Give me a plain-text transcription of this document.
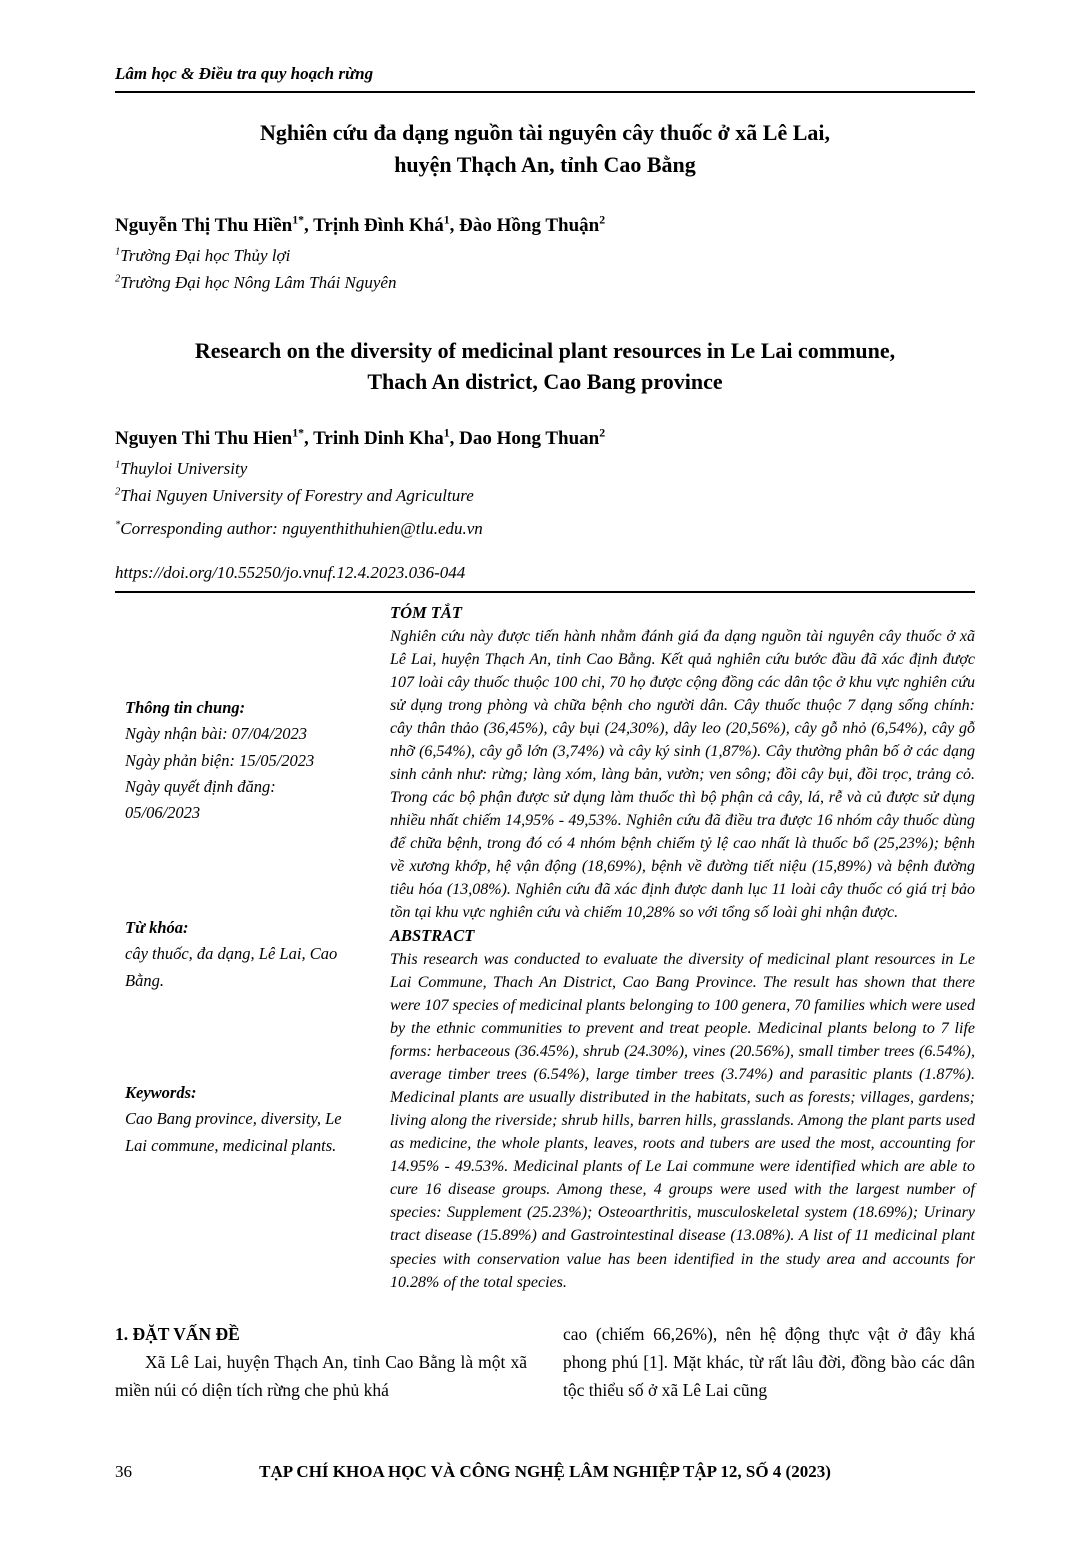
Lâm học & Điều tra quy hoạch rừng
Nghiên cứu đa dạng nguồn tài nguyên cây thuốc ở xã Lê Lai,
huyện Thạch An, tỉnh Cao Bằng

Nguyễn Thị Thu Hiền$^{1*}$, Trịnh Đình Khá$^1$, Đào Hồng Thuận$^2$

$^1$Trường Đại học Thủy lợi

$^2$Trường Đại học Nông Lâm Thái Nguyên

Research on the diversity of medicinal plant resources in Le Lai commune,
Thach An district, Cao Bang province

Nguyen Thi Thu Hien$^{1*}$, Trinh Dinh Kha$^1$, Dao Hong Thuan$^2$

$^1$Thuyloi University

$^2$Thai Nguyen University of Forestry and Agriculture

*Corresponding author: nguyenthithuhien@tlu.edu.vn

https://doi.org/10.55250/jo.vnuf.12.4.2023.036-044

Thông tin chung:

Ngày nhận bài: 07/04/2023

Ngày phản biện: 15/05/2023

Ngày quyết định đăng: 05/06/2023

Từ khóa:

cây thuốc, đa dạng, Lê Lai, Cao Bằng.

Keywords:

Cao Bang province, diversity, Le Lai commune, medicinal plants.

TÓM TẮT

Nghiên cứu này được tiến hành nhằm đánh giá đa dạng nguồn tài nguyên cây thuốc ở xã Lê Lai, huyện Thạch An, tỉnh Cao Bằng. Kết quả nghiên cứu bước đầu đã xác định được 107 loài cây thuốc thuộc 100 chi, 70 họ được cộng đồng các dân tộc ở khu vực nghiên cứu sử dụng trong phòng và chữa bệnh cho người dân. Cây thuốc thuộc 7 dạng sống chính: cây thân thảo (36,45%), cây bụi (24,30%), dây leo (20,56%), cây gỗ nhỏ (6,54%), cây gỗ nhỡ (6,54%), cây gỗ lớn (3,74%) và cây ký sinh (1,87%). Cây thường phân bố ở các dạng sinh cảnh như: rừng; làng xóm, làng bản, vườn; ven sông; đồi cây bụi, đồi trọc, trảng cỏ. Trong các bộ phận được sử dụng làm thuốc thì bộ phận cả cây, lá, rễ và củ được sử dụng nhiều nhất chiếm 14,95% - 49,53%. Nghiên cứu đã điều tra được 16 nhóm cây thuốc dùng để chữa bệnh, trong đó có 4 nhóm bệnh chiếm tỷ lệ cao nhất là thuốc bổ (25,23%); bệnh về xương khớp, hệ vận động (18,69%), bệnh về đường tiết niệu (15,89%) và bệnh đường tiêu hóa (13,08%). Nghiên cứu đã xác định được danh lục 11 loài cây thuốc có giá trị bảo tồn tại khu vực nghiên cứu và chiếm 10,28% so với tổng số loài ghi nhận được.

ABSTRACT

This research was conducted to evaluate the diversity of medicinal plant resources in Le Lai Commune, Thach An District, Cao Bang Province. The result has shown that there were 107 species of medicinal plants belonging to 100 genera, 70 families which were used by the ethnic communities to prevent and treat people. Medicinal plants belong to 7 life forms: herbaceous (36.45%), shrub (24.30%), vines (20.56%), small timber trees (6.54%), average timber trees (6.54%), large timber trees (3.74%) and parasitic plants (1.87%). Medicinal plants are usually distributed in the habitats, such as forests; villages, gardens; living along the riverside; shrub hills, barren hills, grasslands. Among the plant parts used as medicine, the whole plants, leaves, roots and tubers are used the most, accounting for 14.95% - 49.53%. Medicinal plants of Le Lai commune were identified which are able to cure 16 disease groups. Among these, 4 groups were used with the largest number of species: Supplement (25.23%); Osteoarthritis, musculoskeletal system (18.69%); Urinary tract disease (15.89%) and Gastrointestinal disease (13.08%). A list of 11 medicinal plant species with conservation value has been identified in the study area and accounts for 10.28% of the total species.

1. ĐẶT VẤN ĐỀ

Xã Lê Lai, huyện Thạch An, tỉnh Cao Bằng là một xã miền núi có diện tích rừng che phủ khá

cao (chiếm 66,26%), nên hệ động thực vật ở đây khá phong phú [1]. Mặt khác, từ rất lâu đời, đồng bào các dân tộc thiểu số ở xã Lê Lai cũng

36	TẠP CHÍ KHOA HỌC VÀ CÔNG NGHỆ LÂM NGHIỆP TẬP 12, SỐ 4 (2023)
